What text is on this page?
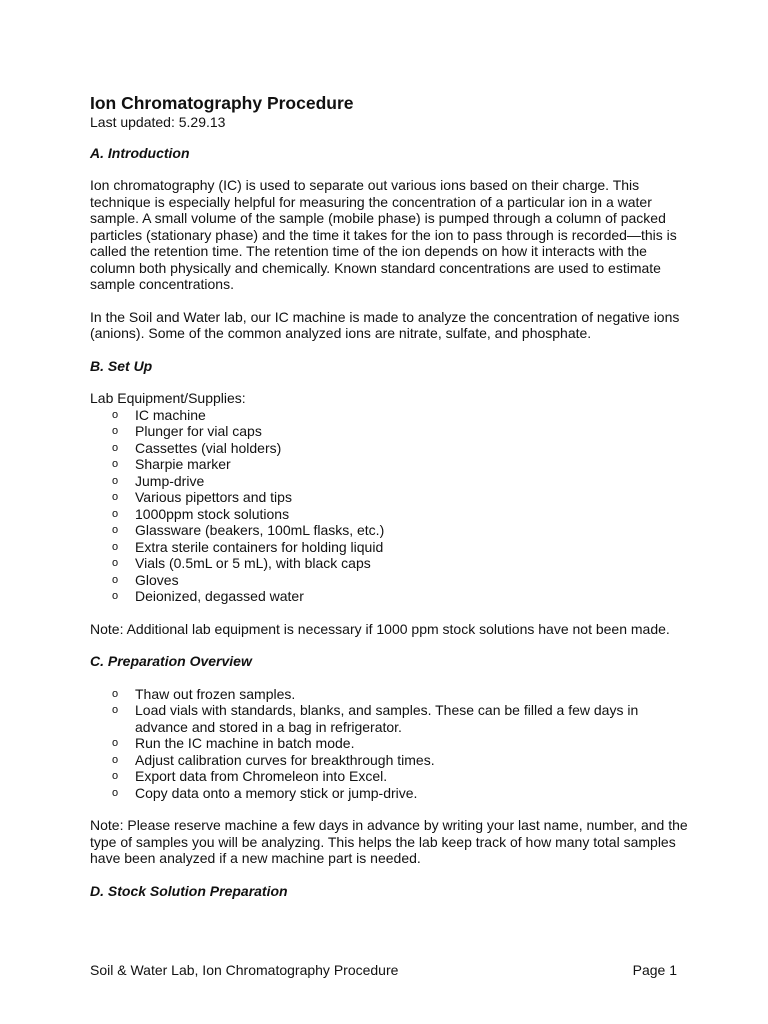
Ion Chromatography Procedure

Last updated: 5.29.13

A. Introduction

Ion chromatography (IC) is used to separate out various ions based on their charge. This technique is especially helpful for measuring the concentration of a particular ion in a water sample. A small volume of the sample (mobile phase) is pumped through a column of packed particles (stationary phase) and the time it takes for the ion to pass through is recorded—this is called the retention time. The retention time of the ion depends on how it interacts with the column both physically and chemically. Known standard concentrations are used to estimate sample concentrations.

In the Soil and Water lab, our IC machine is made to analyze the concentration of negative ions (anions). Some of the common analyzed ions are nitrate, sulfate, and phosphate.

B. Set Up

Lab Equipment/Supplies:

o IC machine
o Plunger for vial caps
o Cassettes (vial holders)
o Sharpie marker
o Jump-drive
o Various pipettors and tips
o 1000ppm stock solutions
o Glassware (beakers, 100mL flasks, etc.)
o Extra sterile containers for holding liquid
o Vials (0.5mL or 5 mL), with black caps
o Gloves
o Deionized, degassed water

Note: Additional lab equipment is necessary if 1000 ppm stock solutions have not been made.

C. Preparation Overview

o Thaw out frozen samples.
o Load vials with standards, blanks, and samples. These can be filled a few days in advance and stored in a bag in refrigerator.
o Run the IC machine in batch mode.
o Adjust calibration curves for breakthrough times.
o Export data from Chromeleon into Excel.
o Copy data onto a memory stick or jump-drive.

Note: Please reserve machine a few days in advance by writing your last name, number, and the type of samples you will be analyzing. This helps the lab keep track of how many total samples have been analyzed if a new machine part is needed.

D. Stock Solution Preparation

Soil & Water Lab, Ion Chromatography Procedure	Page 1
